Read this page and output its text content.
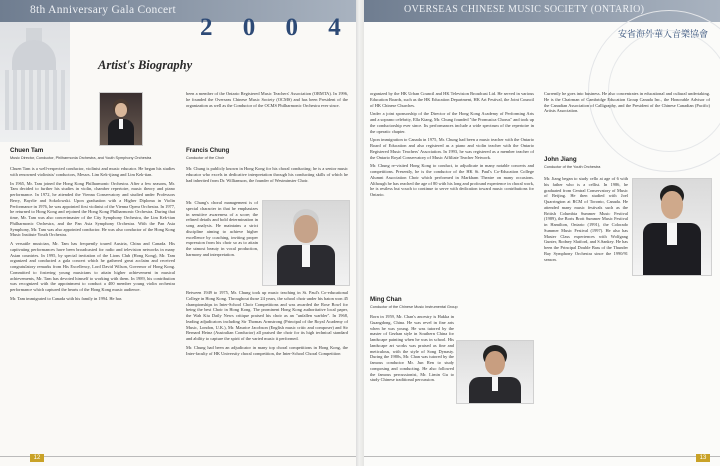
8th Anniversary Gala Concert
2 0 0 4
Artist's Biography
Chuen Tam
Music Director, Conductor, Philharmonia Orchestra, and Youth Symphony Orchestra

Chuen Tam is a well-respected conductor, violinist and music educator. He began his studies with renowned violinists/ conductors, Messrs. Lim Kek-tjiang and Lim Kek-tian.

In 1965, Mr. Tam joined the Hong Kong Philharmonic Orchestra. After a few seasons, Mr. Tam decided to further his studies in violin, chamber repertoire, music theory and piano performance. In 1972, he attended the Vienna Conservatory and studied under Professors Berry, Bayrlie and Sokolowski. Upon graduation with a Higher Diploma in Violin Performance in 1976, he was appointed first violinist of the Vienna Opera Orchestra. In 1977, he returned to Hong Kong and rejoined the Hong Kong Philharmonic Orchestra. During that time, Mr. Tam was also concertmaster of the City Symphony Orchestra, the Lim Kek-tian Philharmonic Orchestra, and the Pan Asia Symphony Orchestra. With the Pan Asia Symphony, Mr. Tam was also appointed conductor. He was also conductor of the Hong Kong Music Institute Youth Orchestra.

A versatile musician, Mr. Tam has frequently toured Austria, China and Canada. His captivating performances have been broadcasted for radio and television networks in many Asian countries. In 1995, by special invitation of the Lions Club (Hong Kong), Mr. Tam organized and conducted a gala concert which he gathered great acclaim and received congratulatory remarks from His Excellency, Lord David Wilson, Governor of Hong Kong. Committed to fostering young musicians to attain higher achievement in musical achievements, Mr. Tam has devoted himself to working with them. In 1989, his contribution was recognized with the appointment to conduct a 400 member young violin orchestra performance which captured the hearts of the Hong Kong music audience.

Mr. Tam immigrated to Canada with his family in 1994. He has

been a member of the Ontario Registered Music Teachers' Association (ORMTA). In 1996, he founded the Overseas Chinese Music Society (OCMS) and has been President of the organization as well as the Conductor of the OCMS Philharmonic Orchestra ever since.

Francis Chung
Conductor of the Choir

Mr. Chung is publicly known in Hong Kong for his choral conducting; he is a senior music educator who excels in dedicative interpretation through his conducting skills of which he had inherited from Dr. Williamson, the founder of Westminster Choir.

Mr. Chung's choral management is of special character in that he emphasizes in sensitive awareness of a score; the refined details and bold determination in song analysis. He maintains a strict discipline aiming to achieve higher excellence by coaching, inviting proper expression from his choir so as to attain the utmost beauty in vocal production, harmony and interpretation.

Between 1949 to 1975, Mr. Chung took up music teaching in St. Paul's Co-educational College in Hong Kong. Throughout those 24 years, the school choir under his baton won 45 championships in Inter-School Choir Competitions and was awarded the Rose Bowl for being the best Choir in Hong Kong. The prominent Hong Kong authoritative local paper, the Wah Kiu Daily News critique praised his choir as an "unfallen warbler". In 1968, leading adjudicators including Sir Thomas Armstrong (Principal of the Royal Academy of Music, London, U.K.), Mr. Maurice Jacobson (English music critic and composer) and Sir Bernard Heinz (Australian Conductor) all praised the choir for its high technical standard and ability to capture the spirit of the varied music it performed.

Mr. Chung had been an adjudicator in many top choral competitions in Hong Kong, the Inter-faculty of HK University choral competition, the Inter-School Choral Competition

12
OVERSEAS CHINESE MUSIC SOCIETY (ONTARIO)
安省海外華人音樂協會

organized by the HK Urban Council and HK Television Broadcast Ltd. He served in various Education Boards, such as the HK Education Department, HK Art Festival, the Joint Council of HK Chinese Churches.

Under a joint sponsorship of the Director of the Hong Kong Academy of Performing Arts and a soprano celebrity, Ella Kiang, Mr. Chung founded "the Promusica Chorus" and took up the conductorship ever since. Its performances include a wide spectrum of the repertoire in the operatic chapter.

Upon immigration to Canada in 1975, Mr. Chung had been a music teacher with the Ontario Board of Education and also registered as a piano and violin teacher with the Ontario Registered Music Teachers' Association. In 1993, he was registered as a member teacher of the Ontario Royal Conservatory of Music Affiliate Teacher Network.

Mr. Chung re-visited Hong Kong to conduct, to adjudicate in many notable concerts and competitions. Presently, he is the conductor of the HK St. Paul's Co-Education College Alumni Association Choir which performed in Markham Theatre on many occasions. Although he has reached the age of 80 with his long and profound experience in choral work, he is restless but vouch to continue to serve with dedication toward music contributions for Ontario.

Ming Chan
Conductor of the Chinese Music Instrumental Group

Born in 1959, Mr. Chan's ancestry is Hakka in Guangdong, China. He was revel in fine arts when he was young. He was tutored by the master of Gezhan style in Southern China for landscape painting when he was in school. His landscape art works was praised as fine and meticulous, with the style of Song Dynasty. During the 1980s, Mr. Chan was tutored by the famous conductor Mr. Jun Ren to study composing and conducting. He also followed the famous percussionist, Mr. Limin Gu to study Chinese traditional percussion.

Currently he goes into business. He also concentrates in educational and cultural undertaking. He is the Chairman of Cambridge Education Group Canada Inc., the Honorable Advisor of the Canadian Association of Calligraphy, and the President of the Chinese Canadian (Pacific) Artists Association.

John Jiang
Conductor of the Youth Orchestra

Mr. Jiang began to study cello at age of 6 with his father who is a cellist. In 1986, he graduated from Central Conservatory of Music of Beijing. He then studied with Joel Quarrington at RCM of Toronto, Canada. He attended many music festivals such as the British Columbia Summer Music Festival (1989), the Boris Brott Summer Music Festival in Hamilton, Ontario (1991), the Colorado Summer Music Festival (1997). He also has Master Class experiences with Wolfgang Gunter, Rodney Slatford, and S.Sankey. He has been the Principal Double Bass of the Thunder Bay Symphony Orchestra since the 1990/91 season.

13
